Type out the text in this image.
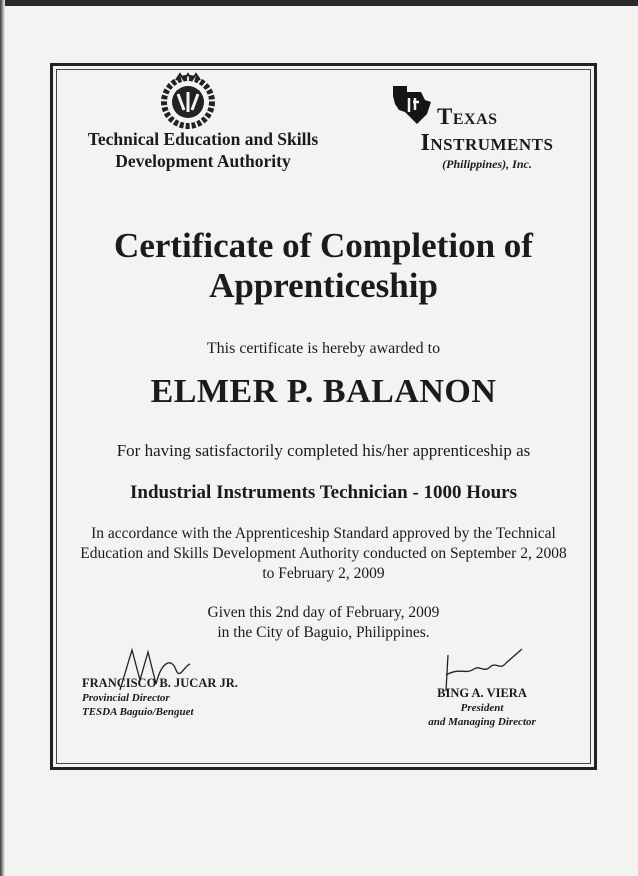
Technical Education and Skills
Development Authority
Texas
Instruments
(Philippines), Inc.
Certificate of Completion of
Apprenticeship
This certificate is hereby awarded to
ELMER P. BALANON
For having satisfactorily completed his/her apprenticeship as
Industrial Instruments Technician - 1000 Hours
In accordance with the Apprenticeship Standard approved by the Technical
Education and Skills Development Authority conducted on September 2, 2008
to February 2, 2009
Given this 2nd day of February, 2009
in the City of Baguio, Philippines.
FRANCISCO B. JUCAR JR.
Provincial Director
TESDA Baguio/Benguet
BING A. VIERA
President
and Managing Director
